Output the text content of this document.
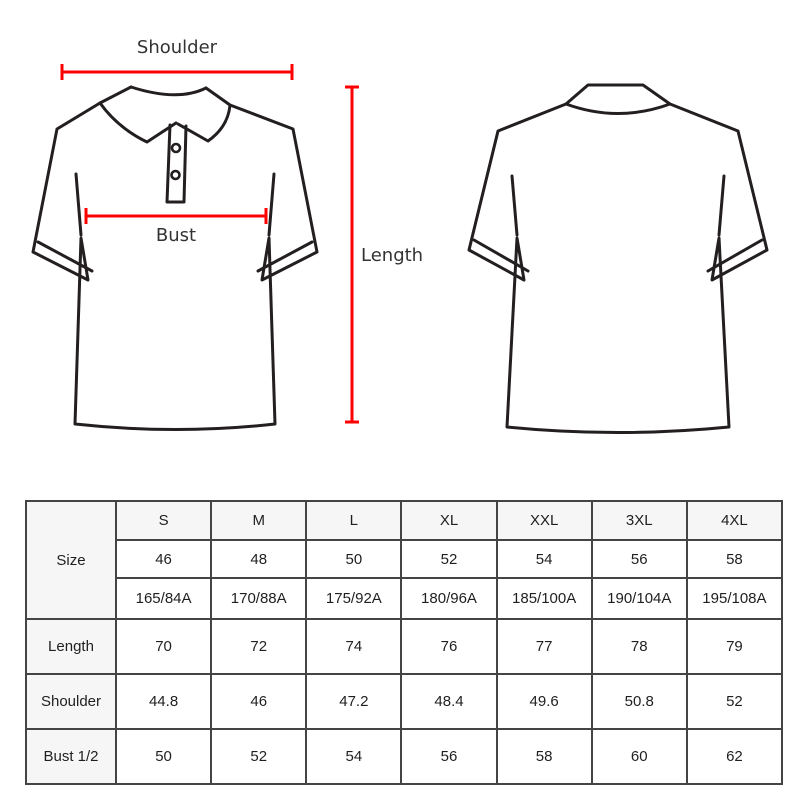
Shoulder
Bust
Length
Size	S	M	L	XL	XXL	3XL	4XL
	46	48	50	52	54	56	58
	165/84A	170/88A	175/92A	180/96A	185/100A	190/104A	195/108A
Length	70	72	74	76	77	78	79
Shoulder	44.8	46	47.2	48.4	49.6	50.8	52
Bust 1/2	50	52	54	56	58	60	62
